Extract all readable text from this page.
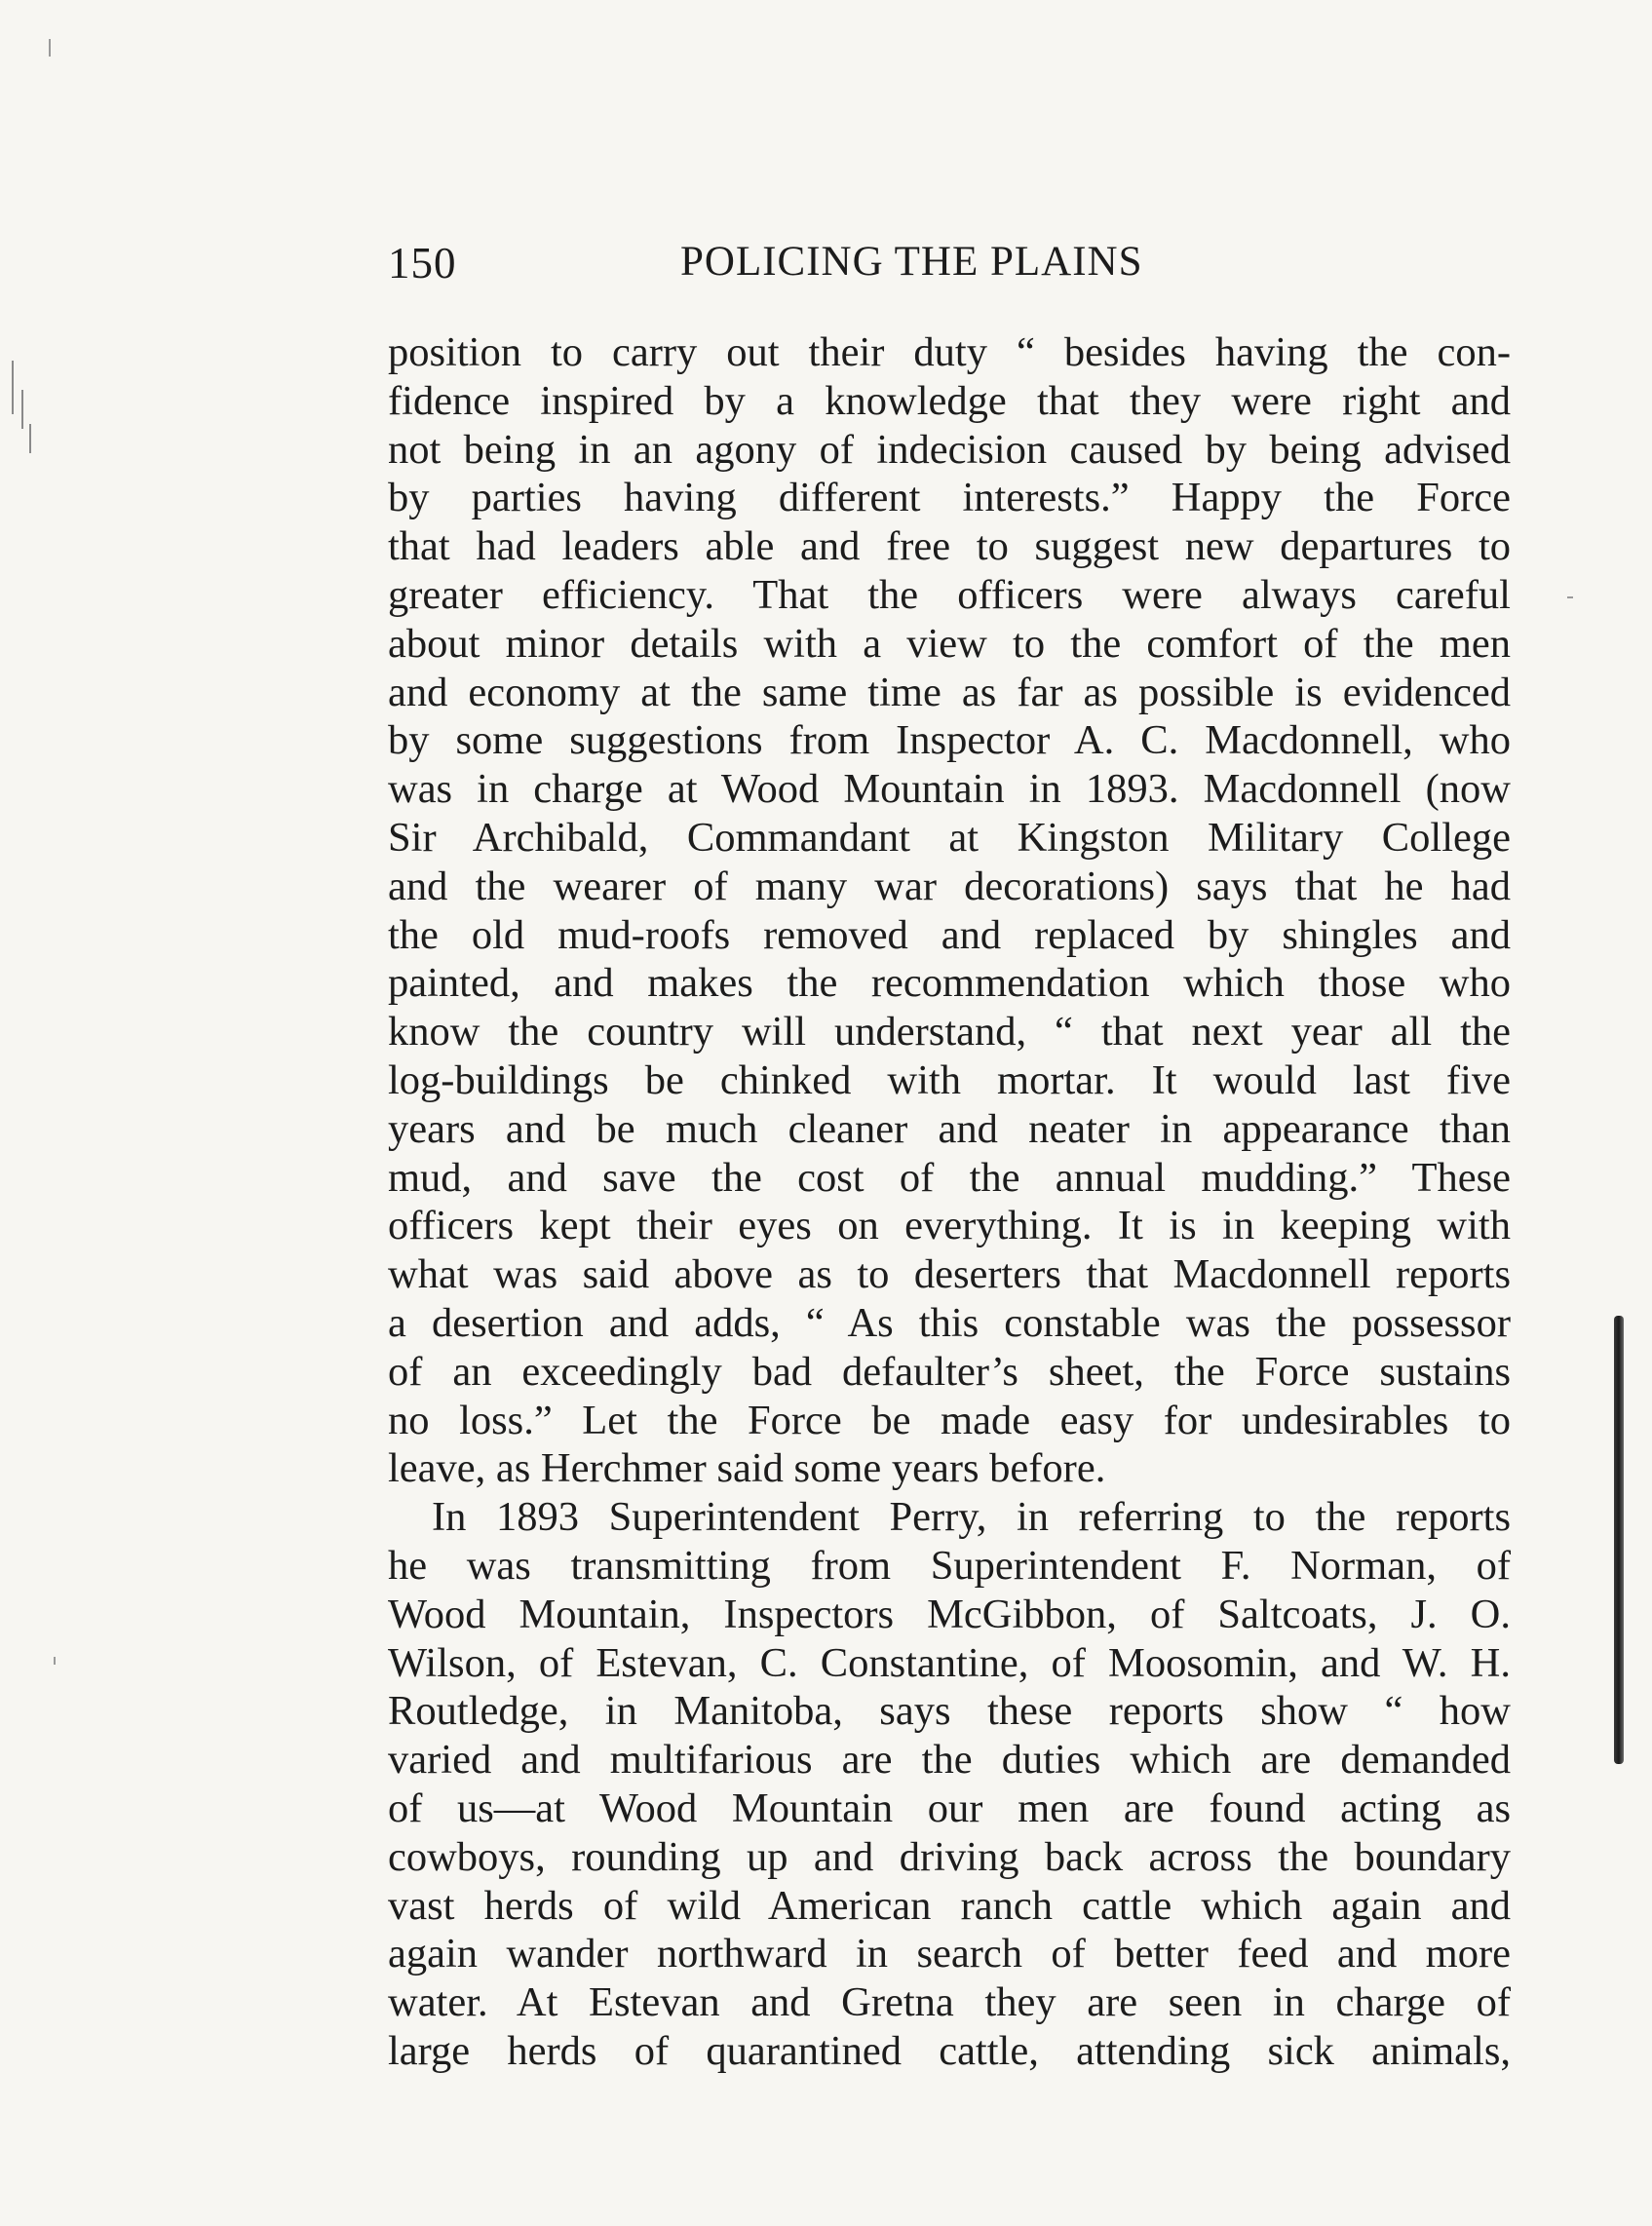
150	POLICING THE PLAINS

position to carry out their duty “ besides having the con-
fidence inspired by a knowledge that they were right and
not being in an agony of indecision caused by being advised
by parties having different interests.” Happy the Force
that had leaders able and free to suggest new departures to
greater efficiency. That the officers were always careful
about minor details with a view to the comfort of the men
and economy at the same time as far as possible is evidenced
by some suggestions from Inspector A. C. Macdonnell, who
was in charge at Wood Mountain in 1893. Macdonnell (now
Sir Archibald, Commandant at Kingston Military College
and the wearer of many war decorations) says that he had
the old mud-roofs removed and replaced by shingles and
painted, and makes the recommendation which those who
know the country will understand, “ that next year all the
log-buildings be chinked with mortar. It would last five
years and be much cleaner and neater in appearance than
mud, and save the cost of the annual mudding.” These
officers kept their eyes on everything. It is in keeping with
what was said above as to deserters that Macdonnell reports
a desertion and adds, “ As this constable was the possessor
of an exceedingly bad defaulter’s sheet, the Force sustains
no loss.” Let the Force be made easy for undesirables to
leave, as Herchmer said some years before.

In 1893 Superintendent Perry, in referring to the reports
he was transmitting from Superintendent F. Norman, of
Wood Mountain, Inspectors McGibbon, of Saltcoats, J. O.
Wilson, of Estevan, C. Constantine, of Moosomin, and W. H.
Routledge, in Manitoba, says these reports show “ how
varied and multifarious are the duties which are demanded
of us—at Wood Mountain our men are found acting as
cowboys, rounding up and driving back across the boundary
vast herds of wild American ranch cattle which again and
again wander northward in search of better feed and more
water. At Estevan and Gretna they are seen in charge of
large herds of quarantined cattle, attending sick animals,
